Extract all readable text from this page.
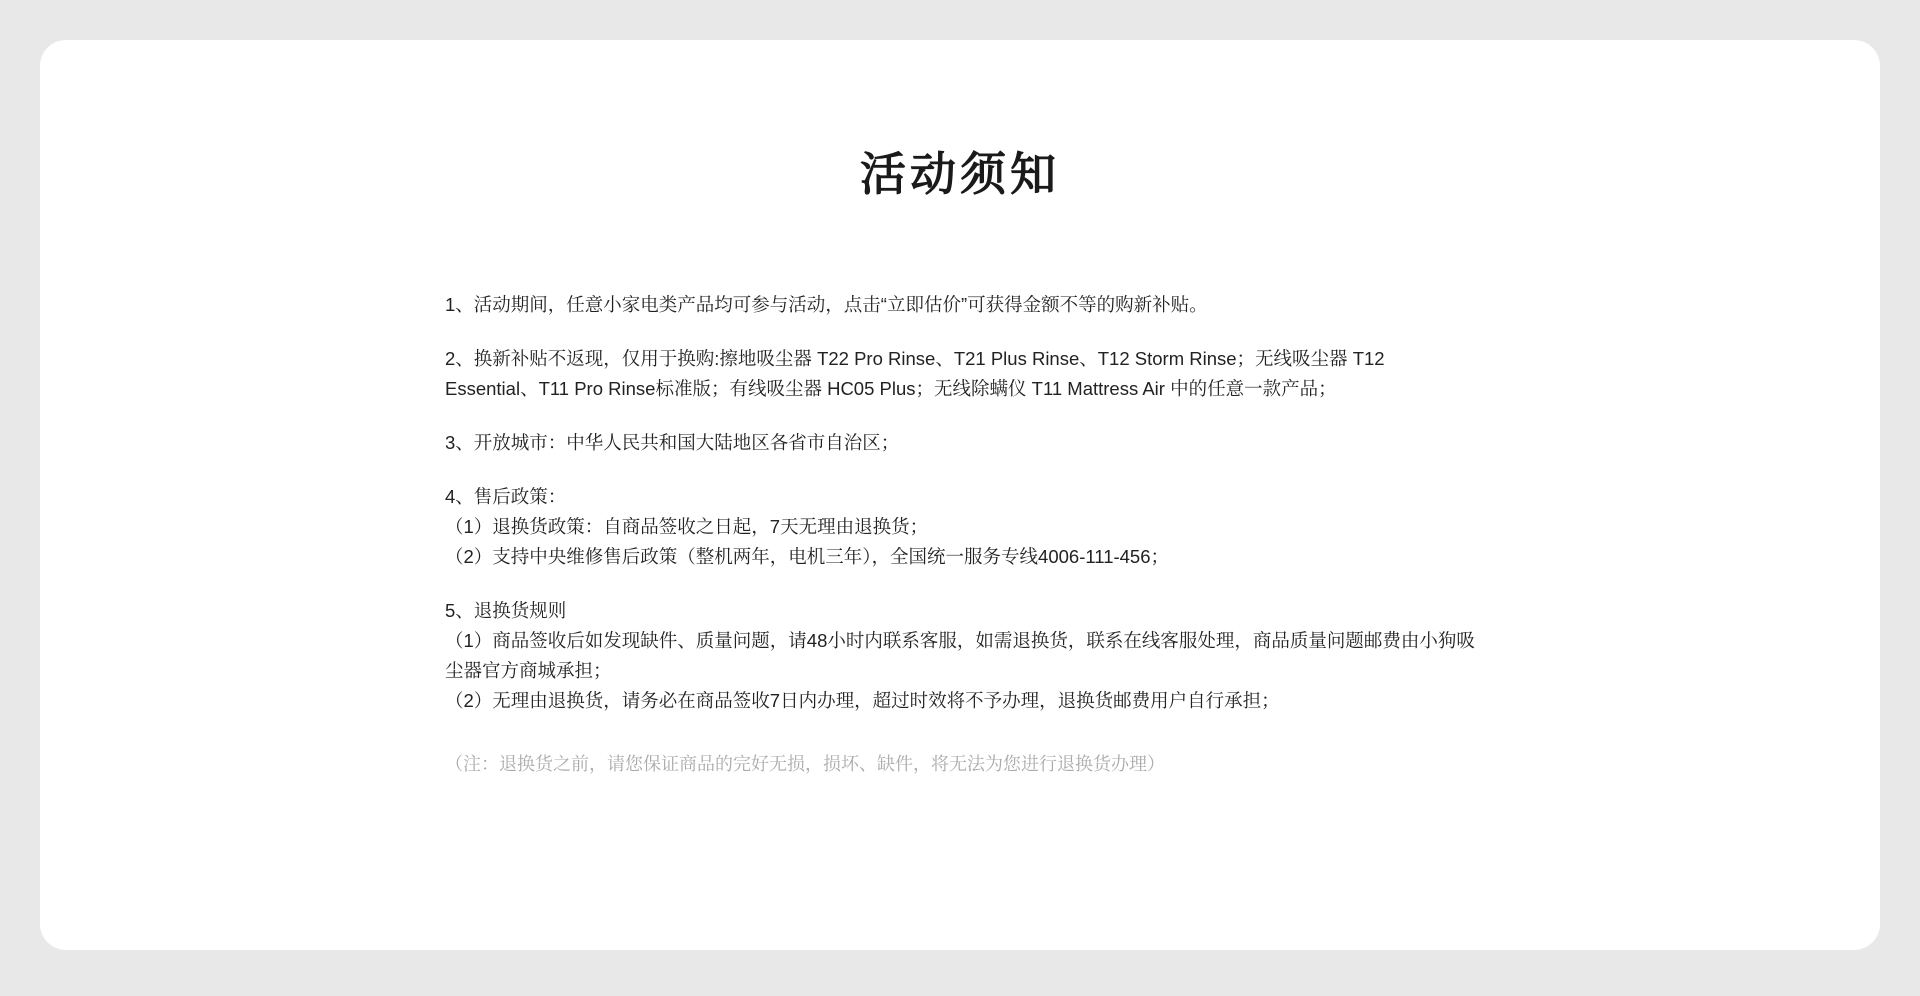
活动须知

1、活动期间，任意小家电类产品均可参与活动，点击“立即估价”可获得金额不等的购新补贴。

2、换新补贴不返现，仅用于换购:擦地吸尘器 T22 Pro Rinse、T21 Plus Rinse、T12 Storm Rinse；无线吸尘器 T12 Essential、T11 Pro Rinse标准版；有线吸尘器 HC05 Plus；无线除螨仪 T11 Mattress Air 中的任意一款产品；

3、开放城市：中华人民共和国大陆地区各省市自治区；

4、售后政策：

（1）退换货政策：自商品签收之日起，7天无理由退换货；

（2）支持中央维修售后政策（整机两年，电机三年），全国统一服务专线4006-111-456；

5、退换货规则

（1）商品签收后如发现缺件、质量问题，请48小时内联系客服，如需退换货，联系在线客服处理，商品质量问题邮费由小狗吸尘器官方商城承担；

（2）无理由退换货，请务必在商品签收7日内办理，超过时效将不予办理，退换货邮费用户自行承担；

（注：退换货之前，请您保证商品的完好无损，损坏、缺件，将无法为您进行退换货办理）
